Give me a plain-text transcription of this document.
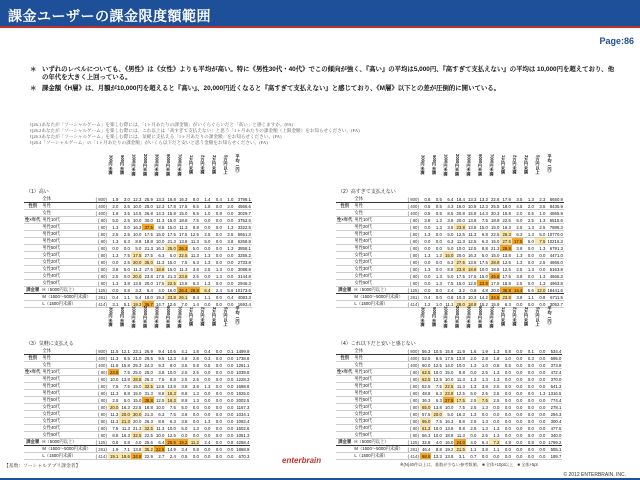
課金ユーザーの課金限度額範囲
Page:86
＊ いずれのレベルについても、《男性》は《女性》よりも平均が高い。特に《男性30代・40代》でこの傾向が強く、『高い』の平均は5,000円、『高すぎて支払えない』の平均は 10,000円を超えており、他の年代を大きく上回っている。
＊ 課金額《H層》は、月額が10,000円を超えると『高い』、20,000円近くなると『高すぎて支払えない』と感じており、《M層》以下との差が圧倒的に開いている。
Q26.1あなたが「ソーシャルゲーム」を楽しむ際には、「1ヶ月あたりの課金額」がいくらぐらいだと「高い」と感じますか。(FA)
Q26.2あなたが「ソーシャルゲーム」を楽しむ際には、これ以上は「高すぎて支払えない」と思う「1ヶ月あたりの課金額（上限金額）をお知らせください。(FA)
Q26.3あなたが「ソーシャルゲーム」を楽しむ際には、気軽に支払える「1ヶ月あたりの課金額」をお知らせください。(FA)
Q26.4「ソーシャルゲーム」の「1ヶ月あたりの課金額」がいくら以下だと安いと思う金額をお知らせください。(FA)
300円未満	500円未満	1000円未満	2000円未満	3000円未満	5000円未満	7000円未満	1万円未満	2万円未満	3万円未満	5万円以上	平均（円）
（1）高い
	全体	( 800)	1.9	3.0	12.3	25.9	13.3	16.8	16.3	8.0	1.4	0.4	1.0	3798.1
性別	男性	( 400)	2.0	2.5	10.0	25.0	12.3	17.8	17.5	9.5	1.8	0.0	2.0	4566.6
	女性	( 400)	1.8	3.5	14.5	26.8	14.3	15.8	15.0	6.5	1.0	0.8	0.0	3029.7
性×年代	男性10代	( 80)	5.0	2.5	10.0	30.0	11.3	15.0	18.8	7.5	0.0	0.0	0.0	3752.5
	男性20代	( 80)	1.3	0.0	16.3	37.5	8.8	15.0	11.3	8.8	0.0	0.0	1.3	3322.5
	男性30代	( 80)	2.5	2.5	10.0	17.5	15.0	17.5	17.5	12.5	2.5	0.0	2.5	5651.3
	男性40代	( 80)	1.3	6.3	8.8	18.8	10.0	21.3	13.8	11.3	5.0	0.0	3.8	6268.8
	男性50代	( 80)	0.0	0.0	5.0	21.3	16.3	25.0	26.3	5.0	0.0	0.0	1.3	3858.1
	女性10代	( 80)	1.3	7.5	17.5	27.5	6.3	5.0	22.5	11.3	1.3	0.0	0.0	3255.2
	女性20代	( 80)	0.0	2.5	20.0	35.0	11.3	15.0	7.5	6.3	1.3	0.0	0.0	2733.8
	女性30代	( 80)	3.8	5.0	11.3	27.5	18.8	15.0	11.3	3.8	2.5	1.3	0.0	3088.8
	女性40代	( 80)	2.5	0.0	20.0	23.8	17.5	21.3	23.8	2.5	0.0	1.3	0.0	3144.8
	女性50代	( 80)	1.3	3.8	13.8	20.0	17.5	22.5	13.8	6.3	1.3	0.0	0.0	2946.3
課金層	H（5000円以上）	( 125)	0.0	0.8	3.2	6.4	4.0	16.0	26.4	28.8	6.4	2.4	5.6	10173.6
	M（1500〜5000円未満）	( 261)	0.4	1.1	5.4	18.0	15.3	23.8	26.1	8.4	1.1	0.0	0.4	4083.3
	L（1500円未満）	( 414)	3.1	5.1	19.3	36.7	14.7	12.6	7.0	1.4	0.0	0.0	0.0	1693.4
300円未満	500円未満	1000円未満	2000円未満	3000円未満	5000円未満	7000円未満	1万円未満	2万円未満	3万円未満	5万円以上	平均（円）
（2）高すぎて支払えない
	全体	( 800)	0.8	0.5	6.4	18.4	13.3	13.3	22.6	17.9	3.5	1.3	2.3	6650.9
性別	男性	( 400)	0.5	0.5	4.3	16.0	10.8	12.3	25.5	18.0	4.5	2.0	3.5	8435.9
	女性	( 400)	0.5	0.5	8.5	20.8	15.8	14.3	20.3	15.8	2.0	0.5	1.0	4865.9
性×年代	男性10代	( 80)	3.8	1.3	3.8	20.0	13.8	7.5	18.8	22.5	5.0	2.5	1.3	6515.6
	男性20代	( 80)	0.0	1.3	3.8	23.8	13.8	15.0	15.0	16.3	2.5	1.3	2.5	7886.3
	男性30代	( 80)	1.3	0.0	5.0	12.5	11.3	6.8	22.5	26.3	6.3	1.3	5.0	10770.0
	男性40代	( 80)	0.0	0.0	6.3	11.3	12.5	6.3	15.0	27.5	17.5	5.0	7.5	10216.3
	男性50代	( 80)	0.0	0.0	5.0	10.0	12.5	8.8	21.3	28.8	3.8	0.0	1.3	6791.3
	女性10代	( 80)	1.3	1.3	15.0	20.0	16.3	5.0	15.0	13.8	1.3	0.0	0.0	4471.0
	女性20代	( 80)	0.0	0.0	6.3	27.5	13.8	17.5	28.8	12.5	1.3	0.0	2.5	4865.0
	女性30代	( 80)	1.3	0.0	8.8	23.8	18.8	10.0	18.8	12.5	2.5	1.3	0.0	5163.8
	女性40代	( 80)	0.0	1.3	5.0	17.5	17.5	15.0	45.8	17.5	3.8	0.0	1.3	4666.3
	女性50代	( 80)	0.0	1.3	7.5	15.0	12.5	23.8	17.5	18.8	2.5	0.0	1.3	4963.8
課金層	H（5000円以上）	( 125)	0.0	0.0	2.4	3.2	0.8	4.8	20.0	36.8	14.4	5.6	12.0	18441.6
	M（1500〜5000円未満）	( 261)	0.4	0.0	0.8	10.3	10.3	14.2	34.5	23.8	3.8	1.1	0.8	6711.5
	L（1500円未満）	( 414)	1.2	1.0	11.1	28.0	18.8	15.2	15.9	6.3	0.0	0.0	0.0	3052.7
300円未満	500円未満	1000円未満	2000円未満	3000円未満	5000円未満	7000円未満	1万円未満	2万円未満	3万円未満	5万円以上	平均（円）
（3）気軽に支払える
	全体	( 800)	11.5	12.1	23.1	26.9	9.4	10.6	4.1	1.8	0.4	0.0	0.1	1499.9
性別	男性	( 400)	11.3	8.5	21.0	29.5	9.5	12.3	4.8	2.8	0.3	0.0	0.0	1738.8
	女性	( 400)	11.8	15.8	25.3	24.3	9.3	9.0	3.5	0.8	0.5	0.0	0.0	1261.1
性×年代	男性10代	( 80)	23.8	7.5	25.0	25.0	3.8	10.0	2.5	2.5	0.0	0.0	0.0	1039.8
	男性20代	( 80)	10.0	13.8	28.8	26.3	7.5	8.8	2.5	2.5	0.0	0.0	0.0	1228.3
	男性30代	( 80)	7.5	7.5	15.0	32.5	12.5	13.8	3.8	3.8	1.3	0.0	0.0	1698.8
	男性40代	( 80)	11.3	8.8	15.0	31.3	8.8	16.3	8.8	1.3	0.0	0.0	0.0	1925.0
	男性50代	( 80)	2.5	5.0	15.0	38.8	12.5	16.3	8.8	1.3	0.0	0.0	0.0	2002.5
	女性10代	( 80)	20.0	16.3	22.5	18.8	10.0	7.5	5.0	0.0	0.0	0.0	0.0	1167.3
	女性20代	( 80)	11.3	20.0	30.0	21.3	6.3	7.5	3.8	0.0	0.0	0.0	0.0	1034.1
	女性30代	( 80)	11.3	21.3	20.0	26.3	8.8	6.3	3.8	0.0	1.3	0.0	0.0	1082.4
	女性40代	( 80)	7.5	11.3	21.3	32.5	11.3	10.0	5.0	1.3	0.0	0.0	0.0	1502.6
	女性50代	( 80)	8.8	16.3	32.5	22.5	10.0	12.5	0.0	0.0	0.0	0.0	0.0	1051.3
課金層	H（5000円以上）	( 125)	0.8	0.8	4.0	25.6	6.4	25.6	19.2	11.2	2.4	0.0	0.8	4258.4
	M（1500〜5000円未満）	( 261)	1.9	7.1	13.8	35.2	22.6	14.9	3.4	0.8	0.0	0.0	0.0	1868.9
	L（1500円未満）	( 414)	19.1	18.6	34.8	22.9	2.7	2.4	0.5	0.0	0.0	0.0	0.0	670.3
300円未満	500円未満	1000円未満	2000円未満	3000円未満	5000円未満	7000円未満	1万円未満	2万円未満	3万円未満	5万円以上	平均（円）
（4）これ以下だと安いと感じない
	全体	( 800)	56.3	10.5	15.8	11.9	1.6	1.9	1.3	0.8	0.0	0.1	0.0	534.4
性別	男性	( 400)	52.5	8.5	17.5	13.8	2.0	2.8	1.8	1.0	0.0	0.3	0.0	695.0
	女性	( 400)	60.0	12.5	14.0	10.0	1.3	1.0	0.8	0.5	0.0	0.0	0.0	373.8
性×年代	男性10代	( 80)	62.5	10.0	15.0	8.8	0.0	2.5	1.3	0.0	0.0	0.0	0.0	472.4
	男性20代	( 80)	62.5	12.5	10.0	11.3	1.3	1.3	1.3	0.0	0.0	0.0	0.0	370.0
	男性30代	( 80)	52.5	7.5	22.5	11.3	1.3	3.8	2.5	0.0	0.0	0.0	0.0	541.3
	男性40代	( 80)	48.8	6.3	23.8	12.5	5.0	2.5	2.5	0.0	0.0	0.0	1.3	1316.5
	男性50代	( 80)	36.3	6.3	27.5	17.5	2.5	7.5	2.5	0.0	0.0	0.0	0.0	774.4
	女性10代	( 80)	65.0	13.8	10.0	7.5	2.5	1.3	0.0	0.0	0.0	0.0	0.0	278.1
	女性20代	( 80)	57.5	20.0	5.0	16.3	1.3	0.0	0.0	0.0	0.0	0.0	0.0	294.3
	女性30代	( 80)	65.0	7.5	16.3	8.8	2.5	1.3	0.0	0.0	0.0	0.0	0.0	300.4
	女性40代	( 80)	61.3	10.0	13.8	8.8	2.5	1.3	1.3	0.0	0.0	0.0	0.0	477.5
	女性50代	( 80)	56.3	10.0	18.8	11.3	0.0	2.5	1.3	0.0	0.0	0.0	0.0	340.0
課金層	H（5000円以上）	( 125)	32.8	4.0	16.0	24.0	4.0	6.4	7.2	4.8	0.0	0.8	0.0	1799.2
	M（1500〜5000円未満）	( 261)	46.4	8.8	19.2	21.5	1.1	3.8	1.1	0.0	0.0	0.0	0.0	555.1
	L（1500円未満）	( 414)	68.6	13.3	13.8	3.1	0.7	0.0	0.0	0.0	0.0	0.0	0.0	189.7
【基数：ソーシャルアプリ課金者】
enterbrain	※(N)40件以上は、基数が少ない参考数値。 ■ 全体+10pt以上　■ 全体+5pt
© 2012 ENTERBRAIN, INC.
